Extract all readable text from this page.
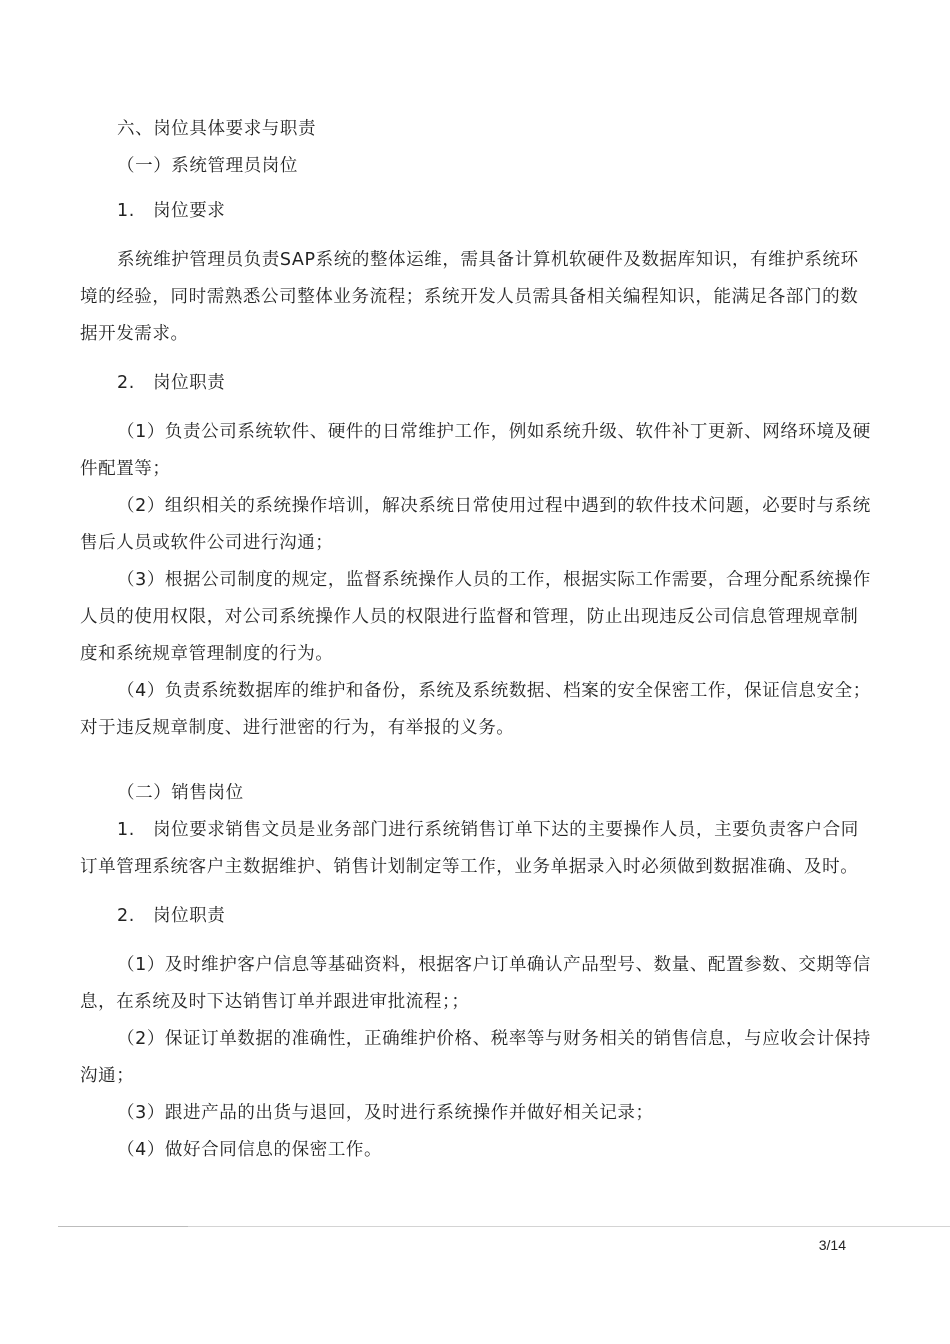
六、岗位具体要求与职责

（一）系统管理员岗位

1.　岗位要求

系统维护管理员负责SAP系统的整体运维，需具备计算机软硬件及数据库知识，有维护系统环境的经验，同时需熟悉公司整体业务流程；系统开发人员需具备相关编程知识，能满足各部门的数据开发需求。

2.　岗位职责

（1）负责公司系统软件、硬件的日常维护工作，例如系统升级、软件补丁更新、网络环境及硬件配置等；

（2）组织相关的系统操作培训，解决系统日常使用过程中遇到的软件技术问题，必要时与系统售后人员或软件公司进行沟通；

（3）根据公司制度的规定，监督系统操作人员的工作，根据实际工作需要，合理分配系统操作人员的使用权限，对公司系统操作人员的权限进行监督和管理，防止出现违反公司信息管理规章制度和系统规章管理制度的行为。

（4）负责系统数据库的维护和备份，系统及系统数据、档案的安全保密工作，保证信息安全；对于违反规章制度、进行泄密的行为，有举报的义务。

（二）销售岗位

1.　岗位要求销售文员是业务部门进行系统销售订单下达的主要操作人员，主要负责客户合同订单管理系统客户主数据维护、销售计划制定等工作，业务单据录入时必须做到数据准确、及时。

2.　岗位职责

（1）及时维护客户信息等基础资料，根据客户订单确认产品型号、数量、配置参数、交期等信息，在系统及时下达销售订单并跟进审批流程；；

（2）保证订单数据的准确性，正确维护价格、税率等与财务相关的销售信息，与应收会计保持沟通；

（3）跟进产品的出货与退回，及时进行系统操作并做好相关记录；

（4）做好合同信息的保密工作。

3/14
